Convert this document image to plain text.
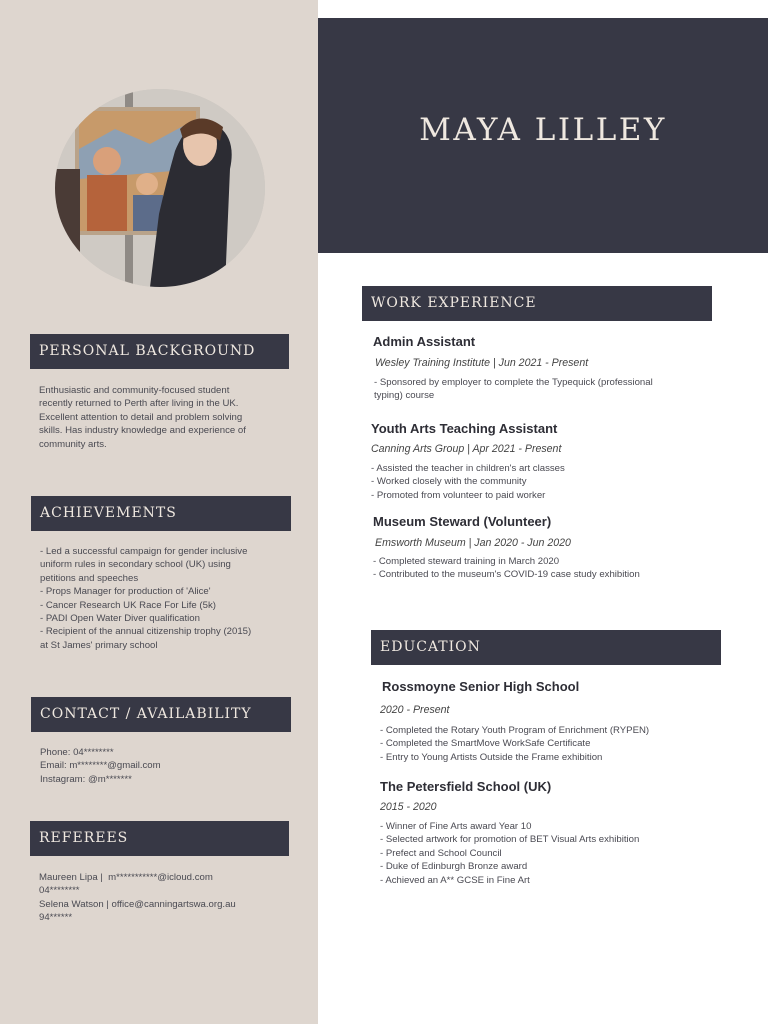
MAYA LILLEY
PERSONAL BACKGROUND
Enthusiastic and community-focused student
recently returned to Perth after living in the UK.
Excellent attention to detail and problem solving
skills. Has industry knowledge and experience of
community arts.
ACHIEVEMENTS
- Led a successful campaign for gender inclusive
uniform rules in secondary school (UK) using
petitions and speeches
- Props Manager for production of 'Alice'
- Cancer Research UK Race For Life (5k)
- PADI Open Water Diver qualification
- Recipient of the annual citizenship trophy (2015)
at St James' primary school
CONTACT / AVAILABILITY
Phone: 04********
Email: m********@gmail.com
Instagram: @m*******
REFEREES
Maureen Lipa |  m***********@icloud.com
04********
Selena Watson | office@canningartswa.org.au
94******
WORK EXPERIENCE
Admin Assistant
Wesley Training Institute | Jun 2021 - Present
- Sponsored by employer to complete the Typequick (professional
typing) course
Youth Arts Teaching Assistant
Canning Arts Group | Apr 2021 - Present
- Assisted the teacher in children's art classes
- Worked closely with the community
- Promoted from volunteer to paid worker
Museum Steward (Volunteer)
Emsworth Museum | Jan 2020 - Jun 2020
- Completed steward training in March 2020
- Contributed to the museum's COVID-19 case study exhibition
EDUCATION
Rossmoyne Senior High School
2020 - Present
- Completed the Rotary Youth Program of Enrichment (RYPEN)
- Completed the SmartMove WorkSafe Certificate
- Entry to Young Artists Outside the Frame exhibition
The Petersfield School (UK)
2015 - 2020
- Winner of Fine Arts award Year 10
- Selected artwork for promotion of BET Visual Arts exhibition
- Prefect and School Council
- Duke of Edinburgh Bronze award
- Achieved an A** GCSE in Fine Art
